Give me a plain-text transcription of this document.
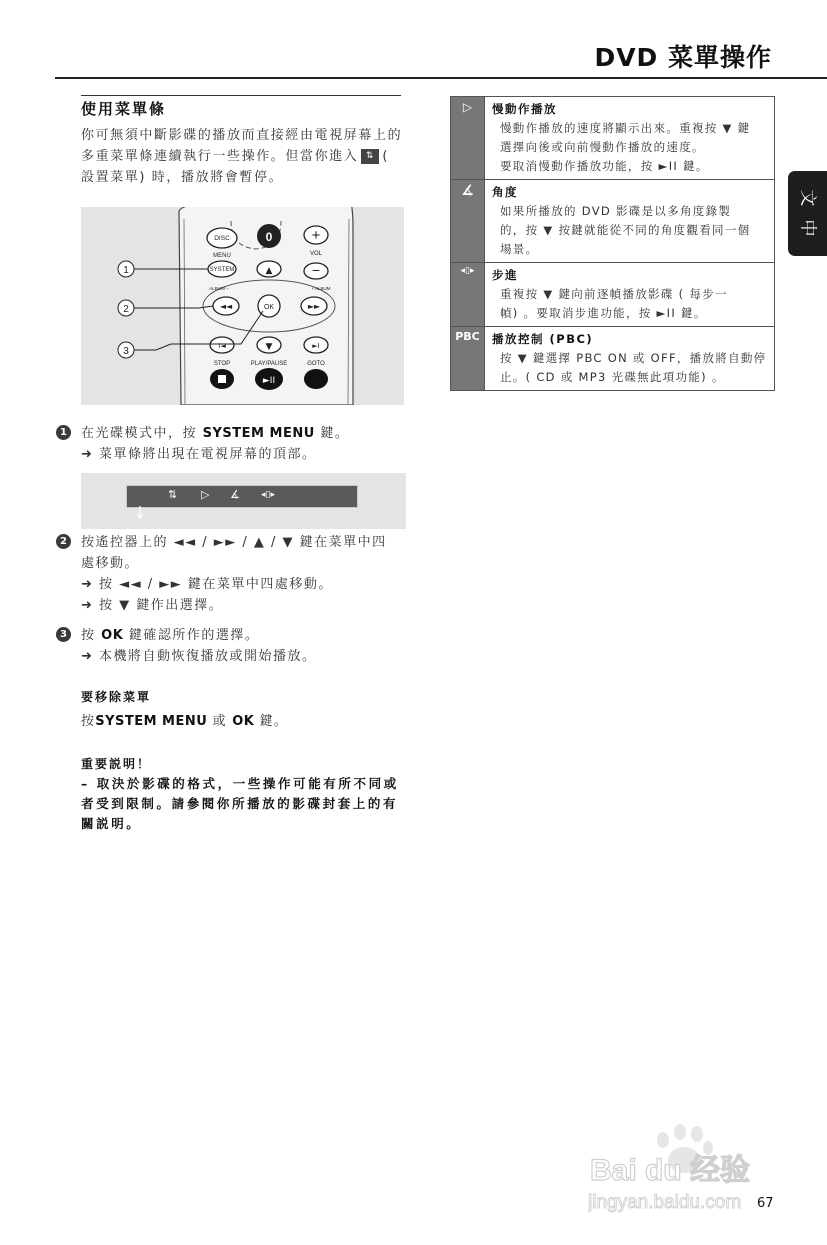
DVD 菜單操作
文
中
使用菜單條
你可無須中斷影碟的播放而直接經由電視屏幕上的多重菜單條連續執行一些操作。但當你進入 ⇅ ( 設置菜單) 時，播放將會暫停。
DISC
MENU
0	+
VOL
SYSTEM	▲	−
ALBUM −	+ ALBUM
◄◄	OK	►►
I◄	▼	►I
STOP	PLAY/PAUSE	GOTO
►II
1
2
3
1	在光碟模式中，按 SYSTEM MENU 鍵。
➜ 菜單條將出現在電視屏幕的頂部。
⇅ ▷ ∡ ◂▯▸
2	按遙控器上的 ◄◄ / ►► / ▲ / ▼ 鍵在菜單中四處移動。
➜ 按 ◄◄ / ►► 鍵在菜單中四處移動。
➜ 按 ▼ 鍵作出選擇。
3	按 OK 鍵確認所作的選擇。
➜ 本機將自動恢復播放或開始播放。
要移除菜單
按SYSTEM MENU 或 OK 鍵。
重要説明！
– 取決於影碟的格式，一些操作可能有所不同或者受到限制。請參閱你所播放的影碟封套上的有關説明。
▷	慢動作播放
慢動作播放的速度將顯示出來。重複按 ▼ 鍵
選擇向後或向前慢動作播放的速度。
要取消慢動作播放功能，按 ►II 鍵。

∡	角度
如果所播放的 DVD 影碟是以多角度錄製
的，按 ▼ 按鍵就能從不同的角度觀看同一個
場景。

◂▯▸	步進
重複按 ▼ 鍵向前逐幀播放影碟 ( 每步一
幀) 。要取消步進功能，按 ►II 鍵。

PBC	播放控制 (PBC)
按 ▼ 鍵選擇 PBC ON 或 OFF，播放將自動停
止。( CD 或 MP3 光碟無此項功能) 。
Bai du 经验
jingyan.baidu.com 67
